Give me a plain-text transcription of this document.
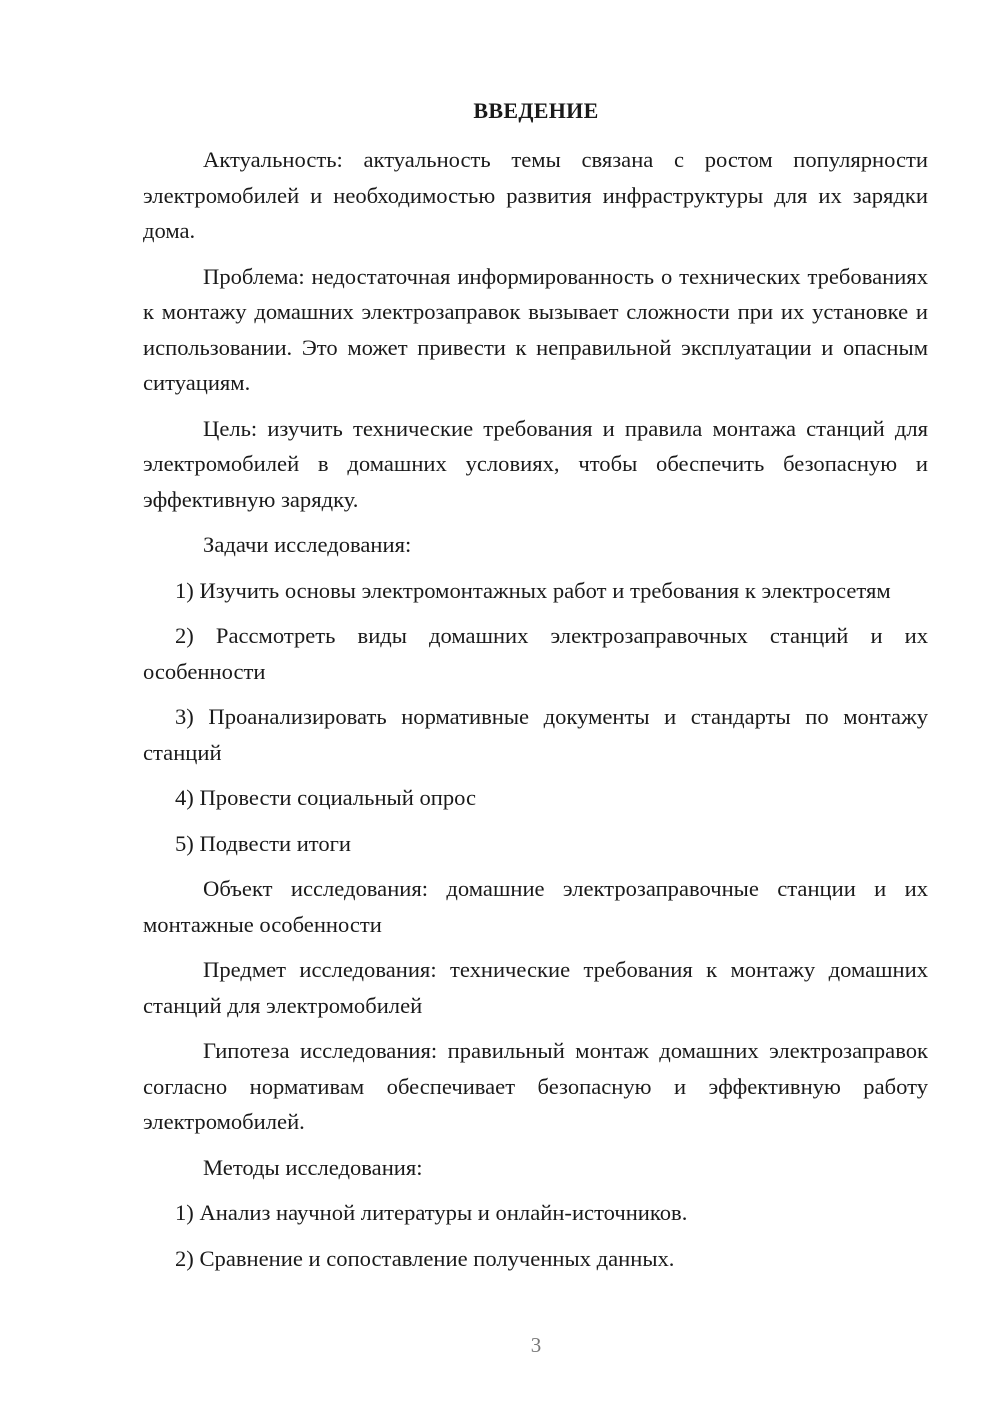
ВВЕДЕНИЕ

Актуальность: актуальность темы связана с ростом популярности электромобилей и необходимостью развития инфраструктуры для их зарядки дома.

Проблема: недостаточная информированность о технических требованиях к монтажу домашних электрозаправок вызывает сложности при их установке и использовании. Это может привести к неправильной эксплуатации и опасным ситуациям.

Цель: изучить технические требования и правила монтажа станций для электромобилей в домашних условиях, чтобы обеспечить безопасную и эффективную зарядку.

Задачи исследования:

1) Изучить основы электромонтажных работ и требования к электросетям

2) Рассмотреть виды домашних электрозаправочных станций и их особенности

3) Проанализировать нормативные документы и стандарты по монтажу станций

4) Провести социальный опрос

5) Подвести итоги

Объект исследования: домашние электрозаправочные станции и их монтажные особенности

Предмет исследования: технические требования к монтажу домашних станций для электромобилей

Гипотеза исследования: правильный монтаж домашних электрозаправок согласно нормативам обеспечивает безопасную и эффективную работу электромобилей.

Методы исследования:

1) Анализ научной литературы и онлайн-источников.

2) Сравнение и сопоставление полученных данных.

3
